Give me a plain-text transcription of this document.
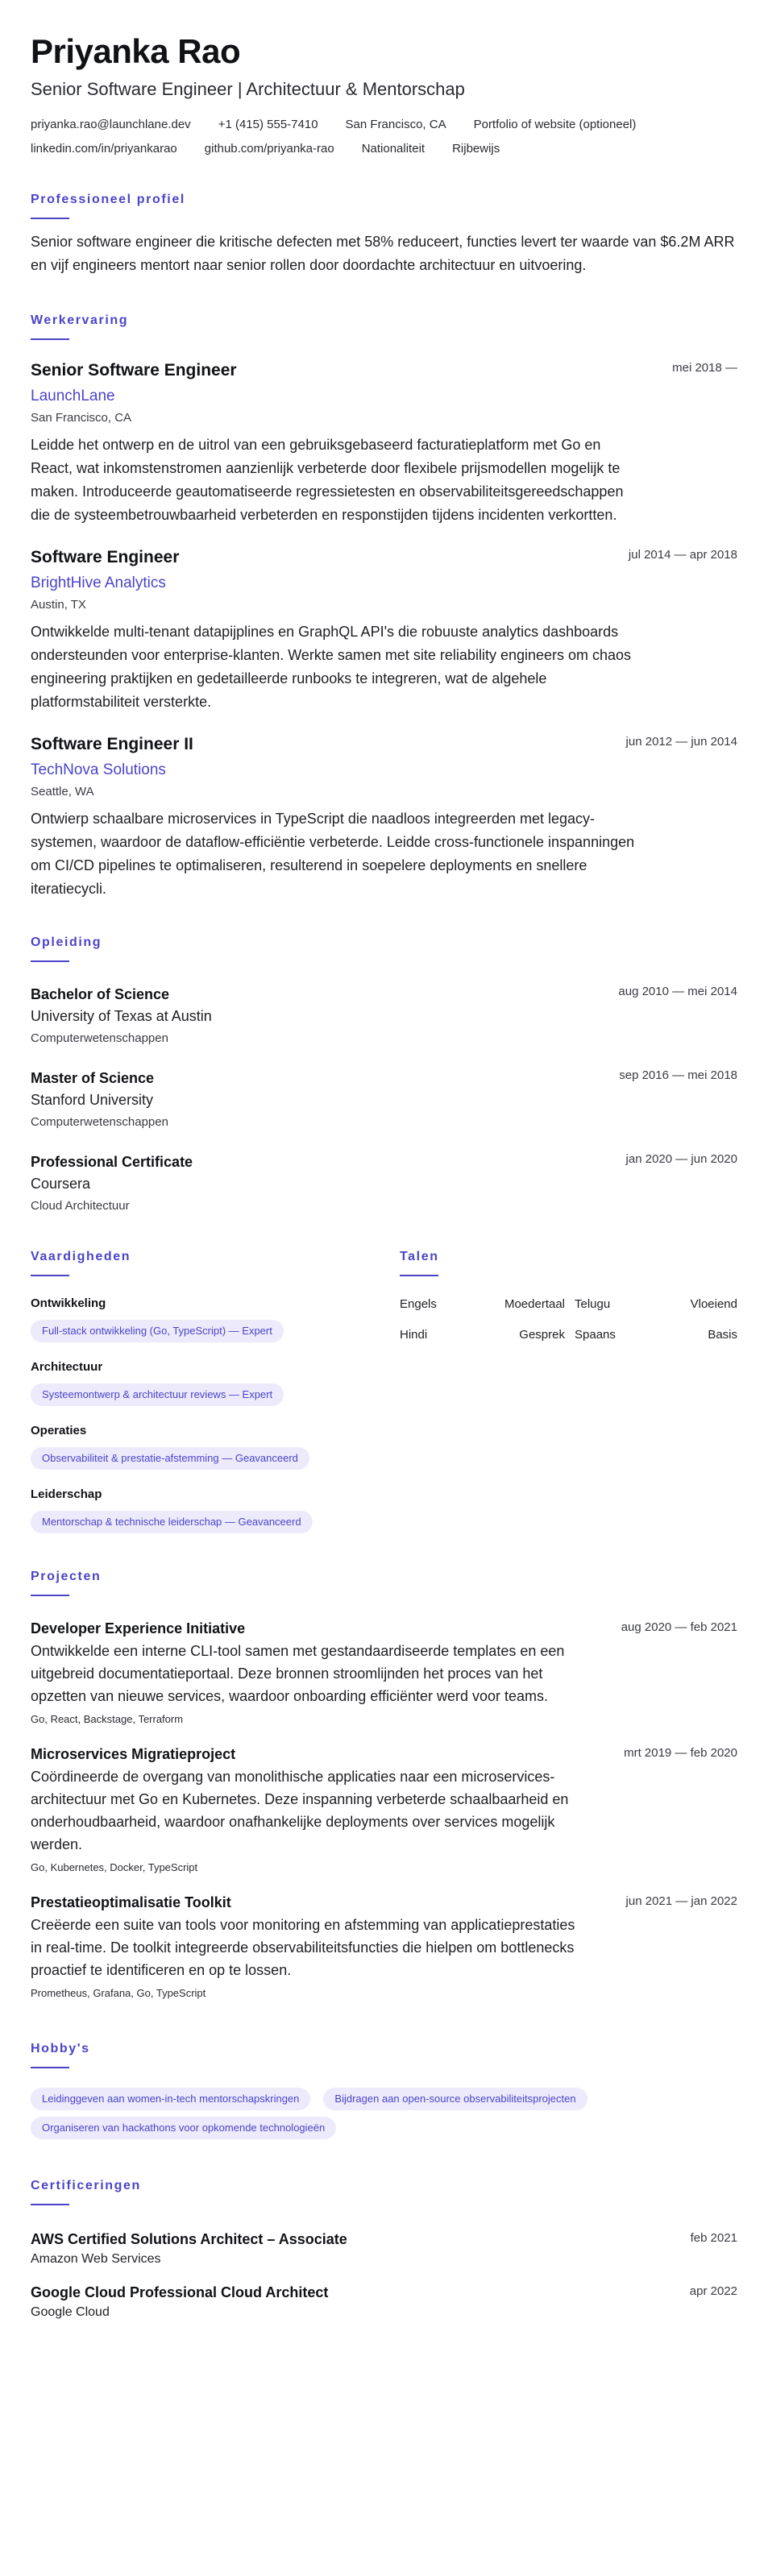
Priyanka Rao
Senior Software Engineer | Architectuur & Mentorschap
priyanka.rao@launchlane.dev +1 (415) 555-7410 San Francisco, CA Portfolio of website (optioneel)
linkedin.com/in/priyankarao github.com/priyanka-rao Nationaliteit Rijbewijs
Professioneel profiel
Senior software engineer die kritische defecten met 58% reduceert, functies levert ter waarde van $6.2M ARR en vijf engineers mentort naar senior rollen door doordachte architectuur en uitvoering.
Werkervaring
Senior Software Engineer	mei 2018 —
LaunchLane
San Francisco, CA
Leidde het ontwerp en de uitrol van een gebruiksgebaseerd facturatieplatform met Go en React, wat inkomstenstromen aanzienlijk verbeterde door flexibele prijsmodellen mogelijk te maken. Introduceerde geautomatiseerde regressietesten en observabiliteitsgereedschappen die de systeembetrouwbaarheid verbeterden en responstijden tijdens incidenten verkortten.
Software Engineer	jul 2014 — apr 2018
BrightHive Analytics
Austin, TX
Ontwikkelde multi-tenant datapijplines en GraphQL API's die robuuste analytics dashboards ondersteunden voor enterprise-klanten. Werkte samen met site reliability engineers om chaos engineering praktijken en gedetailleerde runbooks te integreren, wat de algehele platformstabiliteit versterkte.
Software Engineer II	jun 2012 — jun 2014
TechNova Solutions
Seattle, WA
Ontwierp schaalbare microservices in TypeScript die naadloos integreerden met legacy-systemen, waardoor de dataflow-efficiëntie verbeterde. Leidde cross-functionele inspanningen om CI/CD pipelines te optimaliseren, resulterend in soepelere deployments en snellere iteratiecycli.
Opleiding
Bachelor of Science	aug 2010 — mei 2014
University of Texas at Austin
Computerwetenschappen
Master of Science	sep 2016 — mei 2018
Stanford University
Computerwetenschappen
Professional Certificate	jan 2020 — jun 2020
Coursera
Cloud Architectuur
Vaardigheden
Ontwikkeling
Full-stack ontwikkeling (Go, TypeScript) — Expert
Architectuur
Systeemontwerp & architectuur reviews — Expert
Operaties
Observabiliteit & prestatie-afstemming — Geavanceerd
Leiderschap
Mentorschap & technische leiderschap — Geavanceerd
Talen
Engels	Moedertaal Telugu	Vloeiend
Hindi	Gesprek Spaans	Basis
Projecten
Developer Experience Initiative	aug 2020 — feb 2021
Ontwikkelde een interne CLI-tool samen met gestandaardiseerde templates en een uitgebreid documentatieportaal. Deze bronnen stroomlijnden het proces van het opzetten van nieuwe services, waardoor onboarding efficiënter werd voor teams.
Go, React, Backstage, Terraform
Microservices Migratieproject	mrt 2019 — feb 2020
Coördineerde de overgang van monolithische applicaties naar een microservices-architectuur met Go en Kubernetes. Deze inspanning verbeterde schaalbaarheid en onderhoudbaarheid, waardoor onafhankelijke deployments over services mogelijk werden.
Go, Kubernetes, Docker, TypeScript
Prestatieoptimalisatie Toolkit	jun 2021 — jan 2022
Creëerde een suite van tools voor monitoring en afstemming van applicatieprestaties in real-time. De toolkit integreerde observabiliteitsfuncties die hielpen om bottlenecks proactief te identificeren en op te lossen.
Prometheus, Grafana, Go, TypeScript
Hobby's
Leidinggeven aan women-in-tech mentorschapskringen	Bijdragen aan open-source observabiliteitsprojecten
Organiseren van hackathons voor opkomende technologieën
Certificeringen
AWS Certified Solutions Architect – Associate	feb 2021
Amazon Web Services
Google Cloud Professional Cloud Architect	apr 2022
Google Cloud
